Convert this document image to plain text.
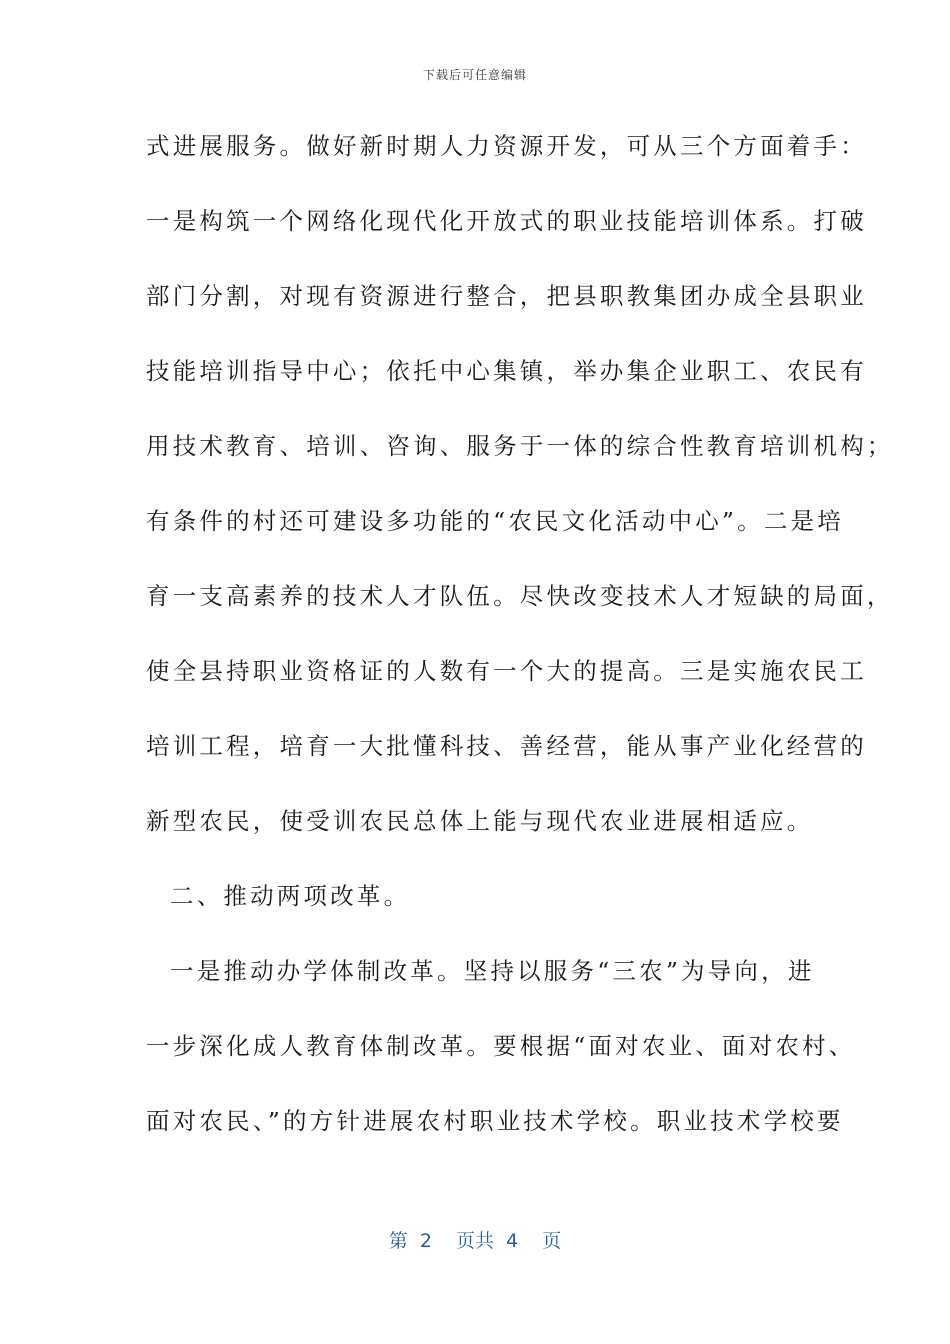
下载后可任意编辑
式进展服务。做好新时期人力资源开发，可从三个方面着手：
一是构筑一个网络化现代化开放式的职业技能培训体系。打破
部门分割，对现有资源进行整合，把县职教集团办成全县职业
技能培训指导中心；依托中心集镇，举办集企业职工、农民有
用技术教育、培训、咨询、服务于一体的综合性教育培训机构；
有条件的村还可建设多功能的“农民文化活动中心”。二是培
育一支高素养的技术人才队伍。尽快改变技术人才短缺的局面，
使全县持职业资格证的人数有一个大的提高。三是实施农民工
培训工程，培育一大批懂科技、善经营，能从事产业化经营的
新型农民，使受训农民总体上能与现代农业进展相适应。
二、推动两项改革。
一是推动办学体制改革。坚持以服务“三农”为导向，进
一步深化成人教育体制改革。要根据“面对农业、面对农村、
面对农民、”的方针进展农村职业技术学校。职业技术学校要
第 2  页共 4  页
